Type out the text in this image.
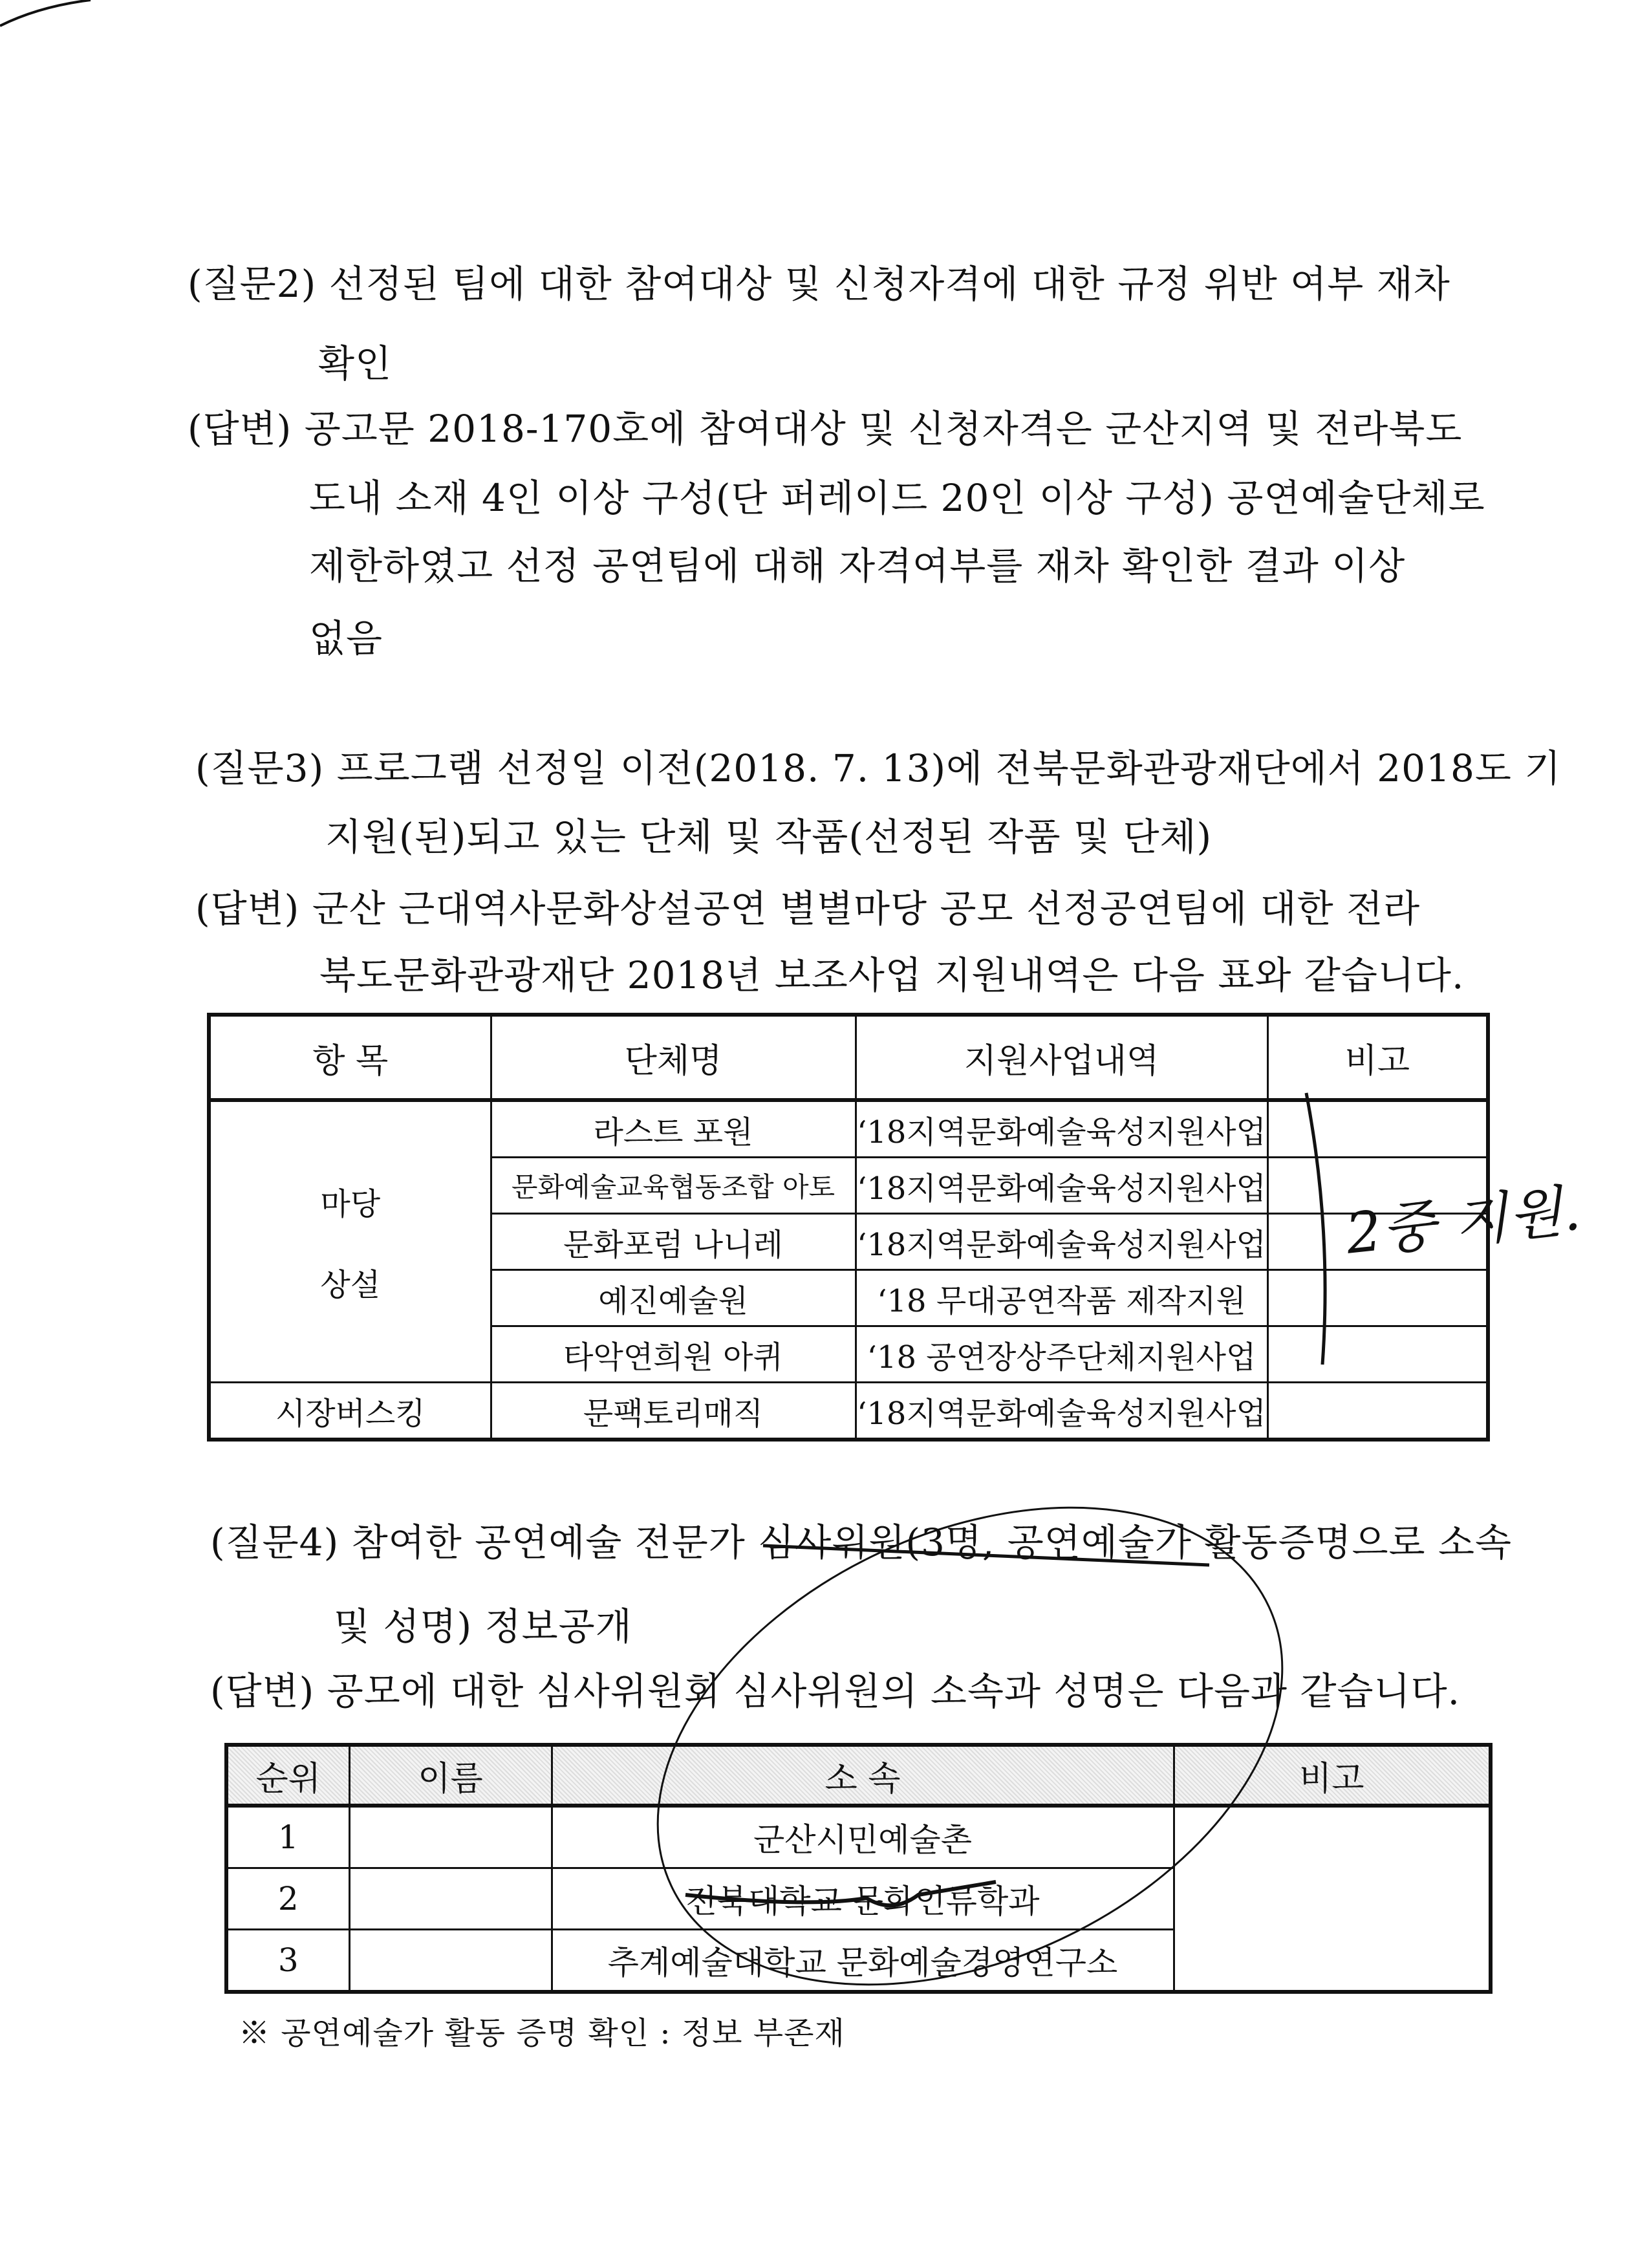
(질문2) 선정된 팀에 대한 참여대상 및 신청자격에 대한 규정 위반 여부 재차
확인
(답변) 공고문 2018-170호에 참여대상 및 신청자격은 군산지역 및 전라북도
도내 소재 4인 이상 구성(단 퍼레이드 20인 이상 구성) 공연예술단체로
제한하였고 선정 공연팀에 대해 자격여부를 재차 확인한 결과 이상
없음
(질문3) 프로그램 선정일 이전(2018. 7. 13)에 전북문화관광재단에서 2018도 기
지원(된)되고 있는 단체 및 작품(선정된 작품 및 단체)
(답변) 군산 근대역사문화상설공연 별별마당 공모 선정공연팀에 대한 전라
북도문화관광재단 2018년 보조사업 지원내역은 다음 표와 같습니다.
항 목	단체명	지원사업내역	비고
마당

상설	라스트 포원	‘18지역문화예술육성지원사업	
	문화예술교육협동조합 아토	‘18지역문화예술육성지원사업	
	문화포럼 나니레	‘18지역문화예술육성지원사업	
	예진예술원	‘18 무대공연작품 제작지원	
	타악연희원 아퀴	‘18 공연장상주단체지원사업	
시장버스킹	문팩토리매직	‘18지역문화예술육성지원사업	
2중 지원.
(질문4) 참여한 공연예술 전문가 심사위원(3명, 공연예술가 활동증명으로 소속
및 성명) 정보공개
(답변) 공모에 대한 심사위원회 심사위원의 소속과 성명은 다음과 같습니다.
순위	이름	소 속	비고
1		군산시민예술촌	
2		전북대학교 문화인류학과	
3		추계예술대학교 문화예술경영연구소	
※ 공연예술가 활동 증명 확인 : 정보 부존재
